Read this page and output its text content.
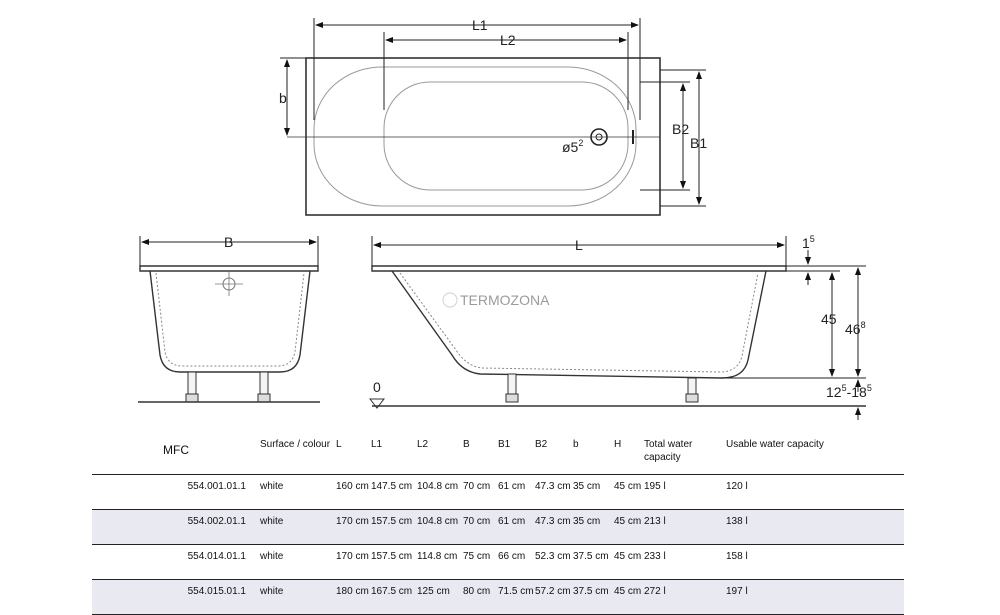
TERMOZONA
L1
L2
b
B2
B1
$ø5^2$
B	L	$1^5$
45
$46^8$
$12^5-18^5$
0
MFC	Surface / colour	L	L1	L2	B	B1	B2	b	H	Total water capacity	Usable water capacity
554.001.01.1	white	160 cm	147.5 cm	104.8 cm	70 cm	61 cm	47.3 cm	35 cm	45 cm	195 l	120 l
554.002.01.1	white	170 cm	157.5 cm	104.8 cm	70 cm	61 cm	47.3 cm	35 cm	45 cm	213 l	138 l
554.014.01.1	white	170 cm	157.5 cm	114.8 cm	75 cm	66 cm	52.3 cm	37.5 cm	45 cm	233 l	158 l
554.015.01.1	white	180 cm	167.5 cm	125 cm	80 cm	71.5 cm	57.2 cm	37.5 cm	45 cm	272 l	197 l
